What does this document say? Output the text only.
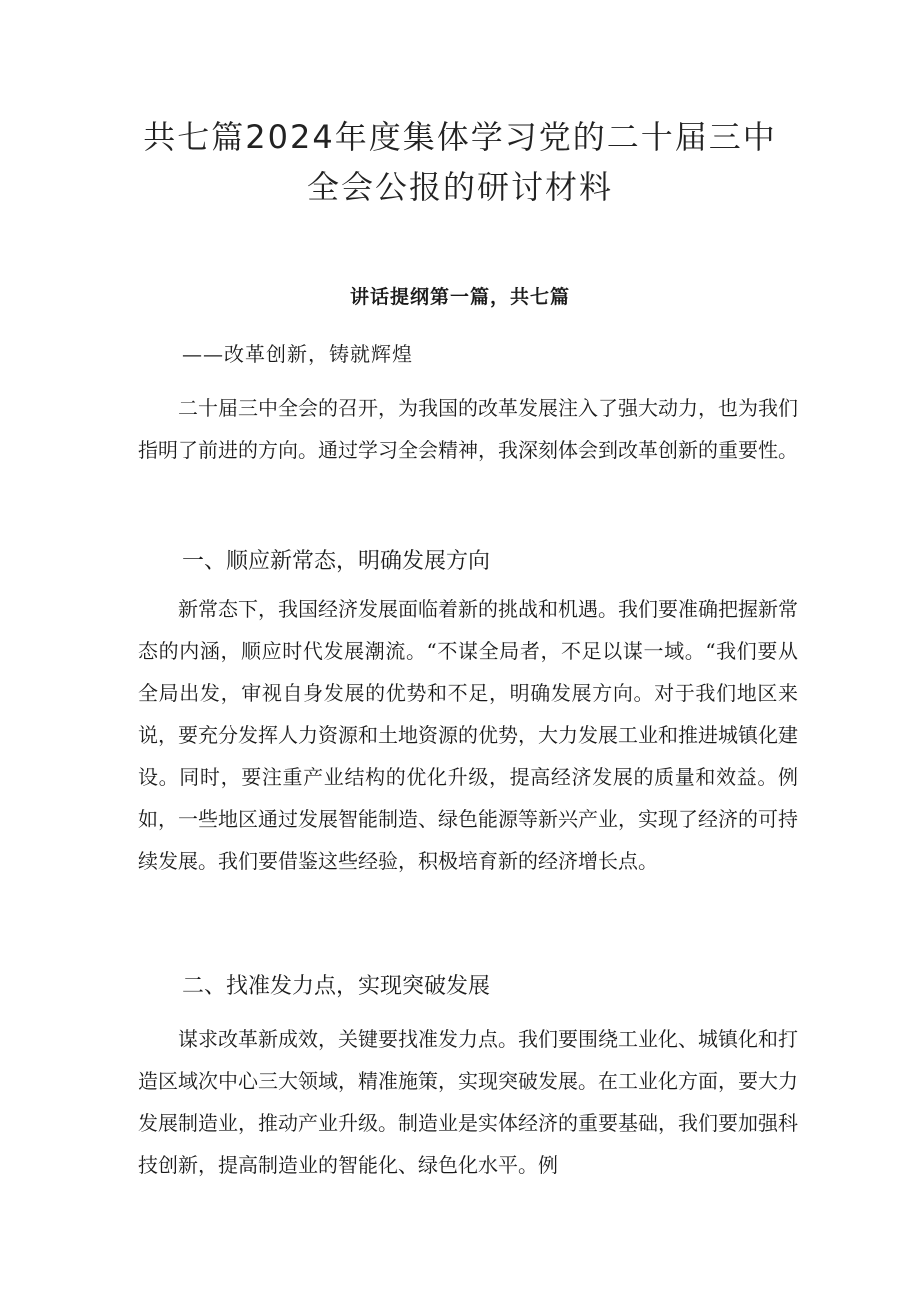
共七篇2024年度集体学习党的二十届三中
全会公报的研讨材料

讲话提纲第一篇，共七篇

——改革创新，铸就辉煌

二十届三中全会的召开，为我国的改革发展注入了强大动力，也为我们指明了前进的方向。通过学习全会精神，我深刻体会到改革创新的重要性。

一、顺应新常态，明确发展方向

新常态下，我国经济发展面临着新的挑战和机遇。我们要准确把握新常态的内涵，顺应时代发展潮流。“不谋全局者，不足以谋一域。“我们要从全局出发，审视自身发展的优势和不足，明确发展方向。对于我们地区来说，要充分发挥人力资源和土地资源的优势，大力发展工业和推进城镇化建设。同时，要注重产业结构的优化升级，提高经济发展的质量和效益。例如，一些地区通过发展智能制造、绿色能源等新兴产业，实现了经济的可持续发展。我们要借鉴这些经验，积极培育新的经济增长点。

二、找准发力点，实现突破发展

谋求改革新成效，关键要找准发力点。我们要围绕工业化、城镇化和打造区域次中心三大领域，精准施策，实现突破发展。在工业化方面，要大力发展制造业，推动产业升级。制造业是实体经济的重要基础，我们要加强科技创新，提高制造业的智能化、绿色化水平。例
